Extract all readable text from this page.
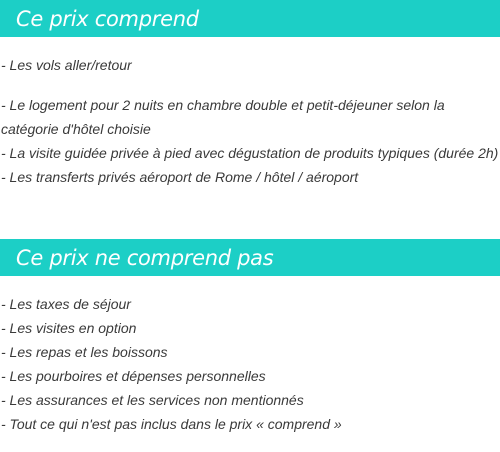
Ce prix comprend
- Les vols aller/retour
- Le logement pour 2 nuits en chambre double et petit-déjeuner selon la
catégorie d'hôtel choisie
- La visite guidée privée à pied avec dégustation de produits typiques (durée 2h)
- Les transferts privés aéroport de Rome / hôtel / aéroport
Ce prix ne comprend pas
- Les taxes de séjour
- Les visites en option
- Les repas et les boissons
- Les pourboires et dépenses personnelles
- Les assurances et les services non mentionnés
- Tout ce qui n'est pas inclus dans le prix « comprend »
